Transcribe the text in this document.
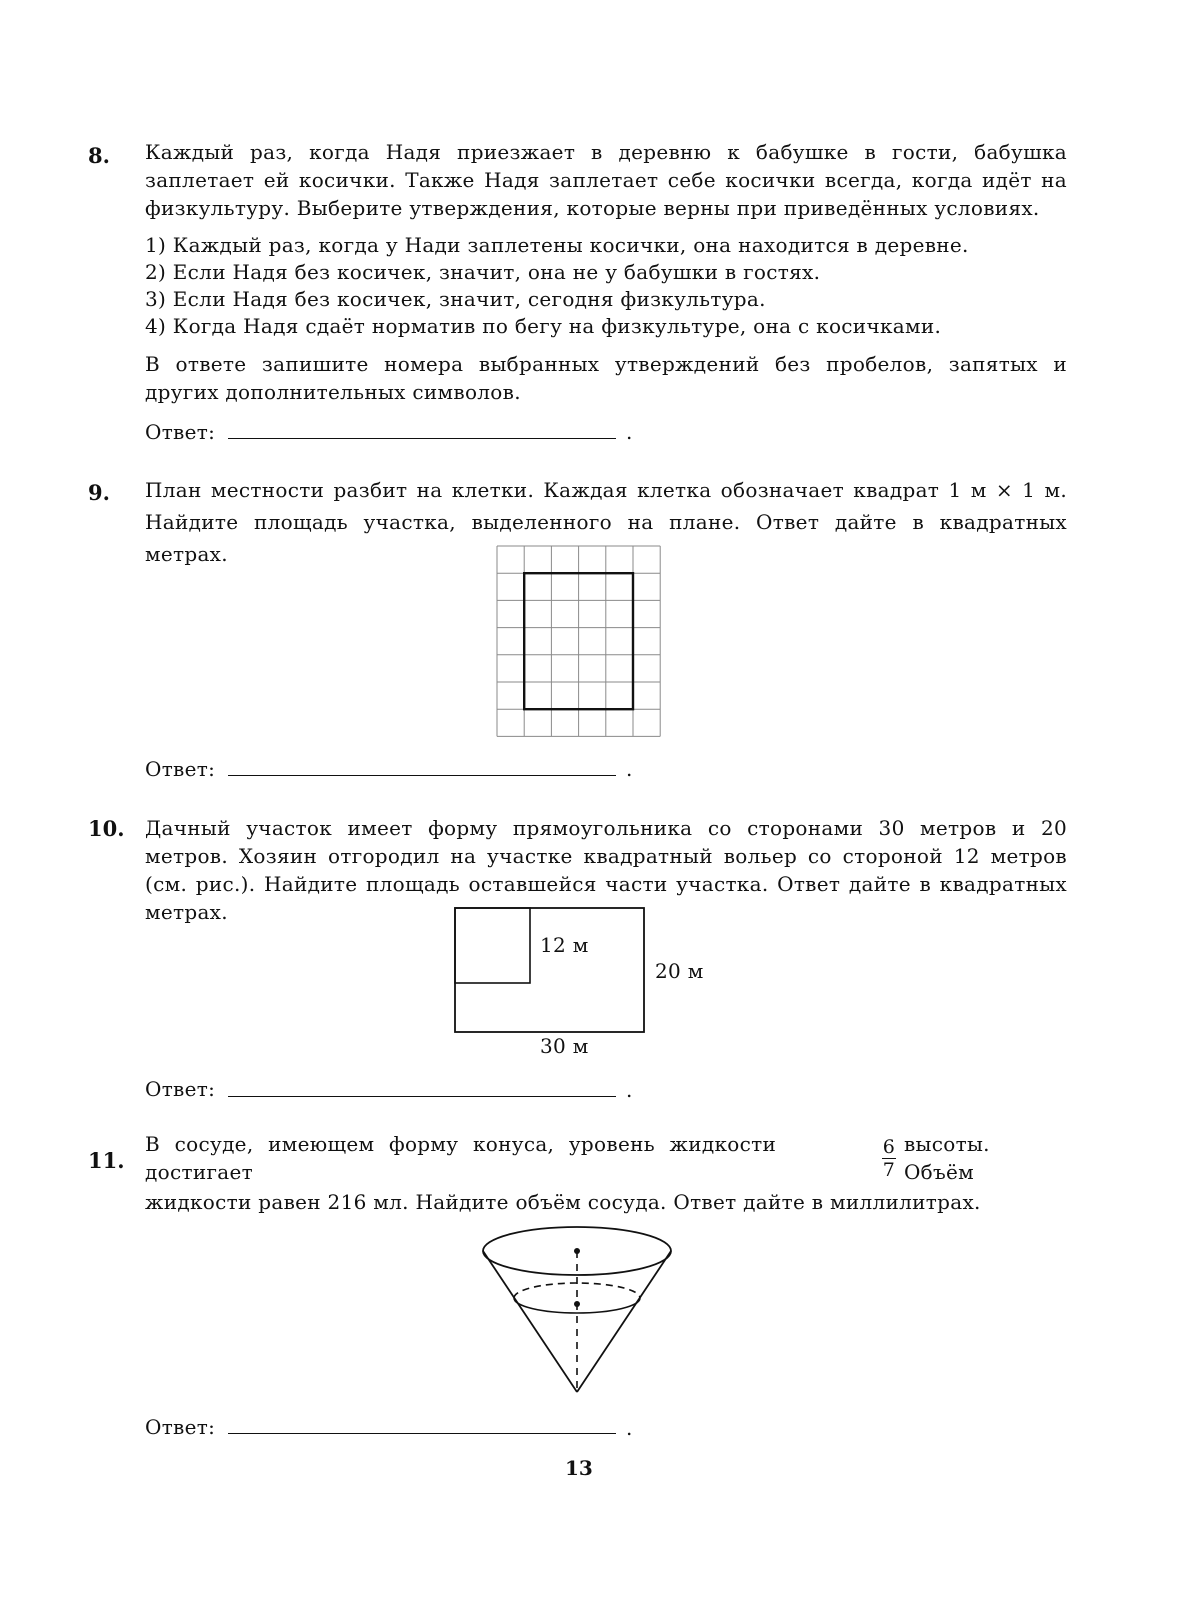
8. Каждый раз, когда Надя приезжает в деревню к бабушке в гости, бабушка заплетает ей косички. Также Надя заплетает себе косички всегда, когда идёт на физкультуру. Выберите утверждения, которые верны при приведённых условиях.
1) Каждый раз, когда у Нади заплетены косички, она находится в деревне.
2) Если Надя без косичек, значит, она не у бабушки в гостях.
3) Если Надя без косичек, значит, сегодня физкультура.
4) Когда Надя сдаёт норматив по бегу на физкультуре, она с косичками.
В ответе запишите номера выбранных утверждений без пробелов, запятых и других дополнительных символов.
Ответ:	.
9. План местности разбит на клетки. Каждая клетка обозначает квадрат 1 м × 1 м. Найдите площадь участка, выделенного на плане. Ответ дайте в квадратных метрах.
Ответ:	.
10. Дачный участок имеет форму прямоугольника со сторонами 30 метров и 20 метров. Хозяин отгородил на участке квадратный вольер со стороной 12 метров (см. рис.). Найдите площадь оставшейся части участка. Ответ дайте в квадратных метрах.
12 м
20 м
30 м
Ответ:	.
11.
В сосуде, имеющем форму конуса, уровень жидкости достигает	$\frac{6}{7}$ высоты. Объём
жидкости равен 216 мл. Найдите объём сосуда. Ответ дайте в миллилитрах.
Ответ:	.
13
